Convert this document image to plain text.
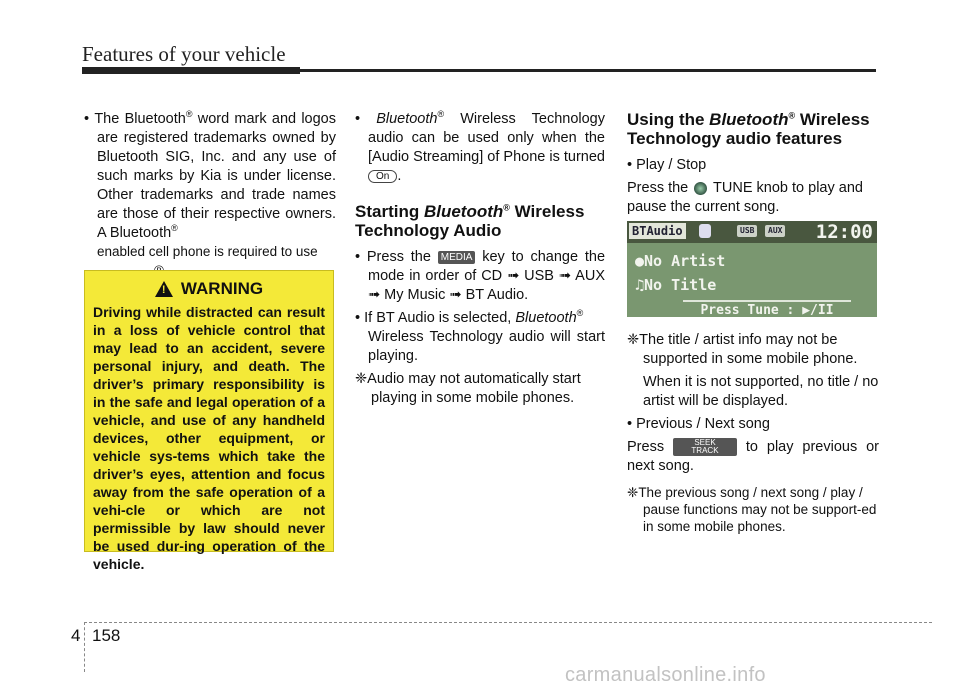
Features of your vehicle

• The Bluetooth® word mark and logos are registered trademarks owned by Bluetooth SIG, Inc. and any use of such marks by Kia is under license. Other trademarks and trade names are those of their respective owners. A Bluetooth®
enabled cell phone is required to use

! WARNING
Driving while distracted can result in a loss of vehicle control that may lead to an accident, severe personal injury, and death. The driver’s primary responsibility is in the safe and legal operation of a vehicle, and use of any handheld devices, other equipment, or vehicle sys-tems which take the driver’s eyes, attention and focus away from the safe operation of a vehi-cle or which are not permissible by law should never be used dur-ing operation of the vehicle.

• Bluetooth® Wireless Technology audio can be used only when the [Audio Streaming] of Phone is turned On .

Starting Bluetooth® Wireless Technology Audio

• Press the MEDIA key to change the mode in order of CD ➟ USB ➟ AUX ➟ My Music ➟ BT Audio.

• If BT Audio is selected, Bluetooth®
Wireless Technology audio will start playing.

❈Audio may not automatically start playing in some mobile phones.

Using the Bluetooth® Wireless Technology audio features

• Play / Stop

Press the  TUNE knob to play and pause the current song.

BTAudio	USB	AUX 12:00
●No Artist
♫No Title
Press Tune : ▶/II

❈The title / artist info may not be supported in some mobile phone.

When it is not supported, no title / no artist will be displayed.

• Previous / Next song

Press	SEEK
TRACK to play previous or next song.

❈The previous song / next song / play / pause functions may not be support-ed in some mobile phones.

4 158
carmanualsonline.info
